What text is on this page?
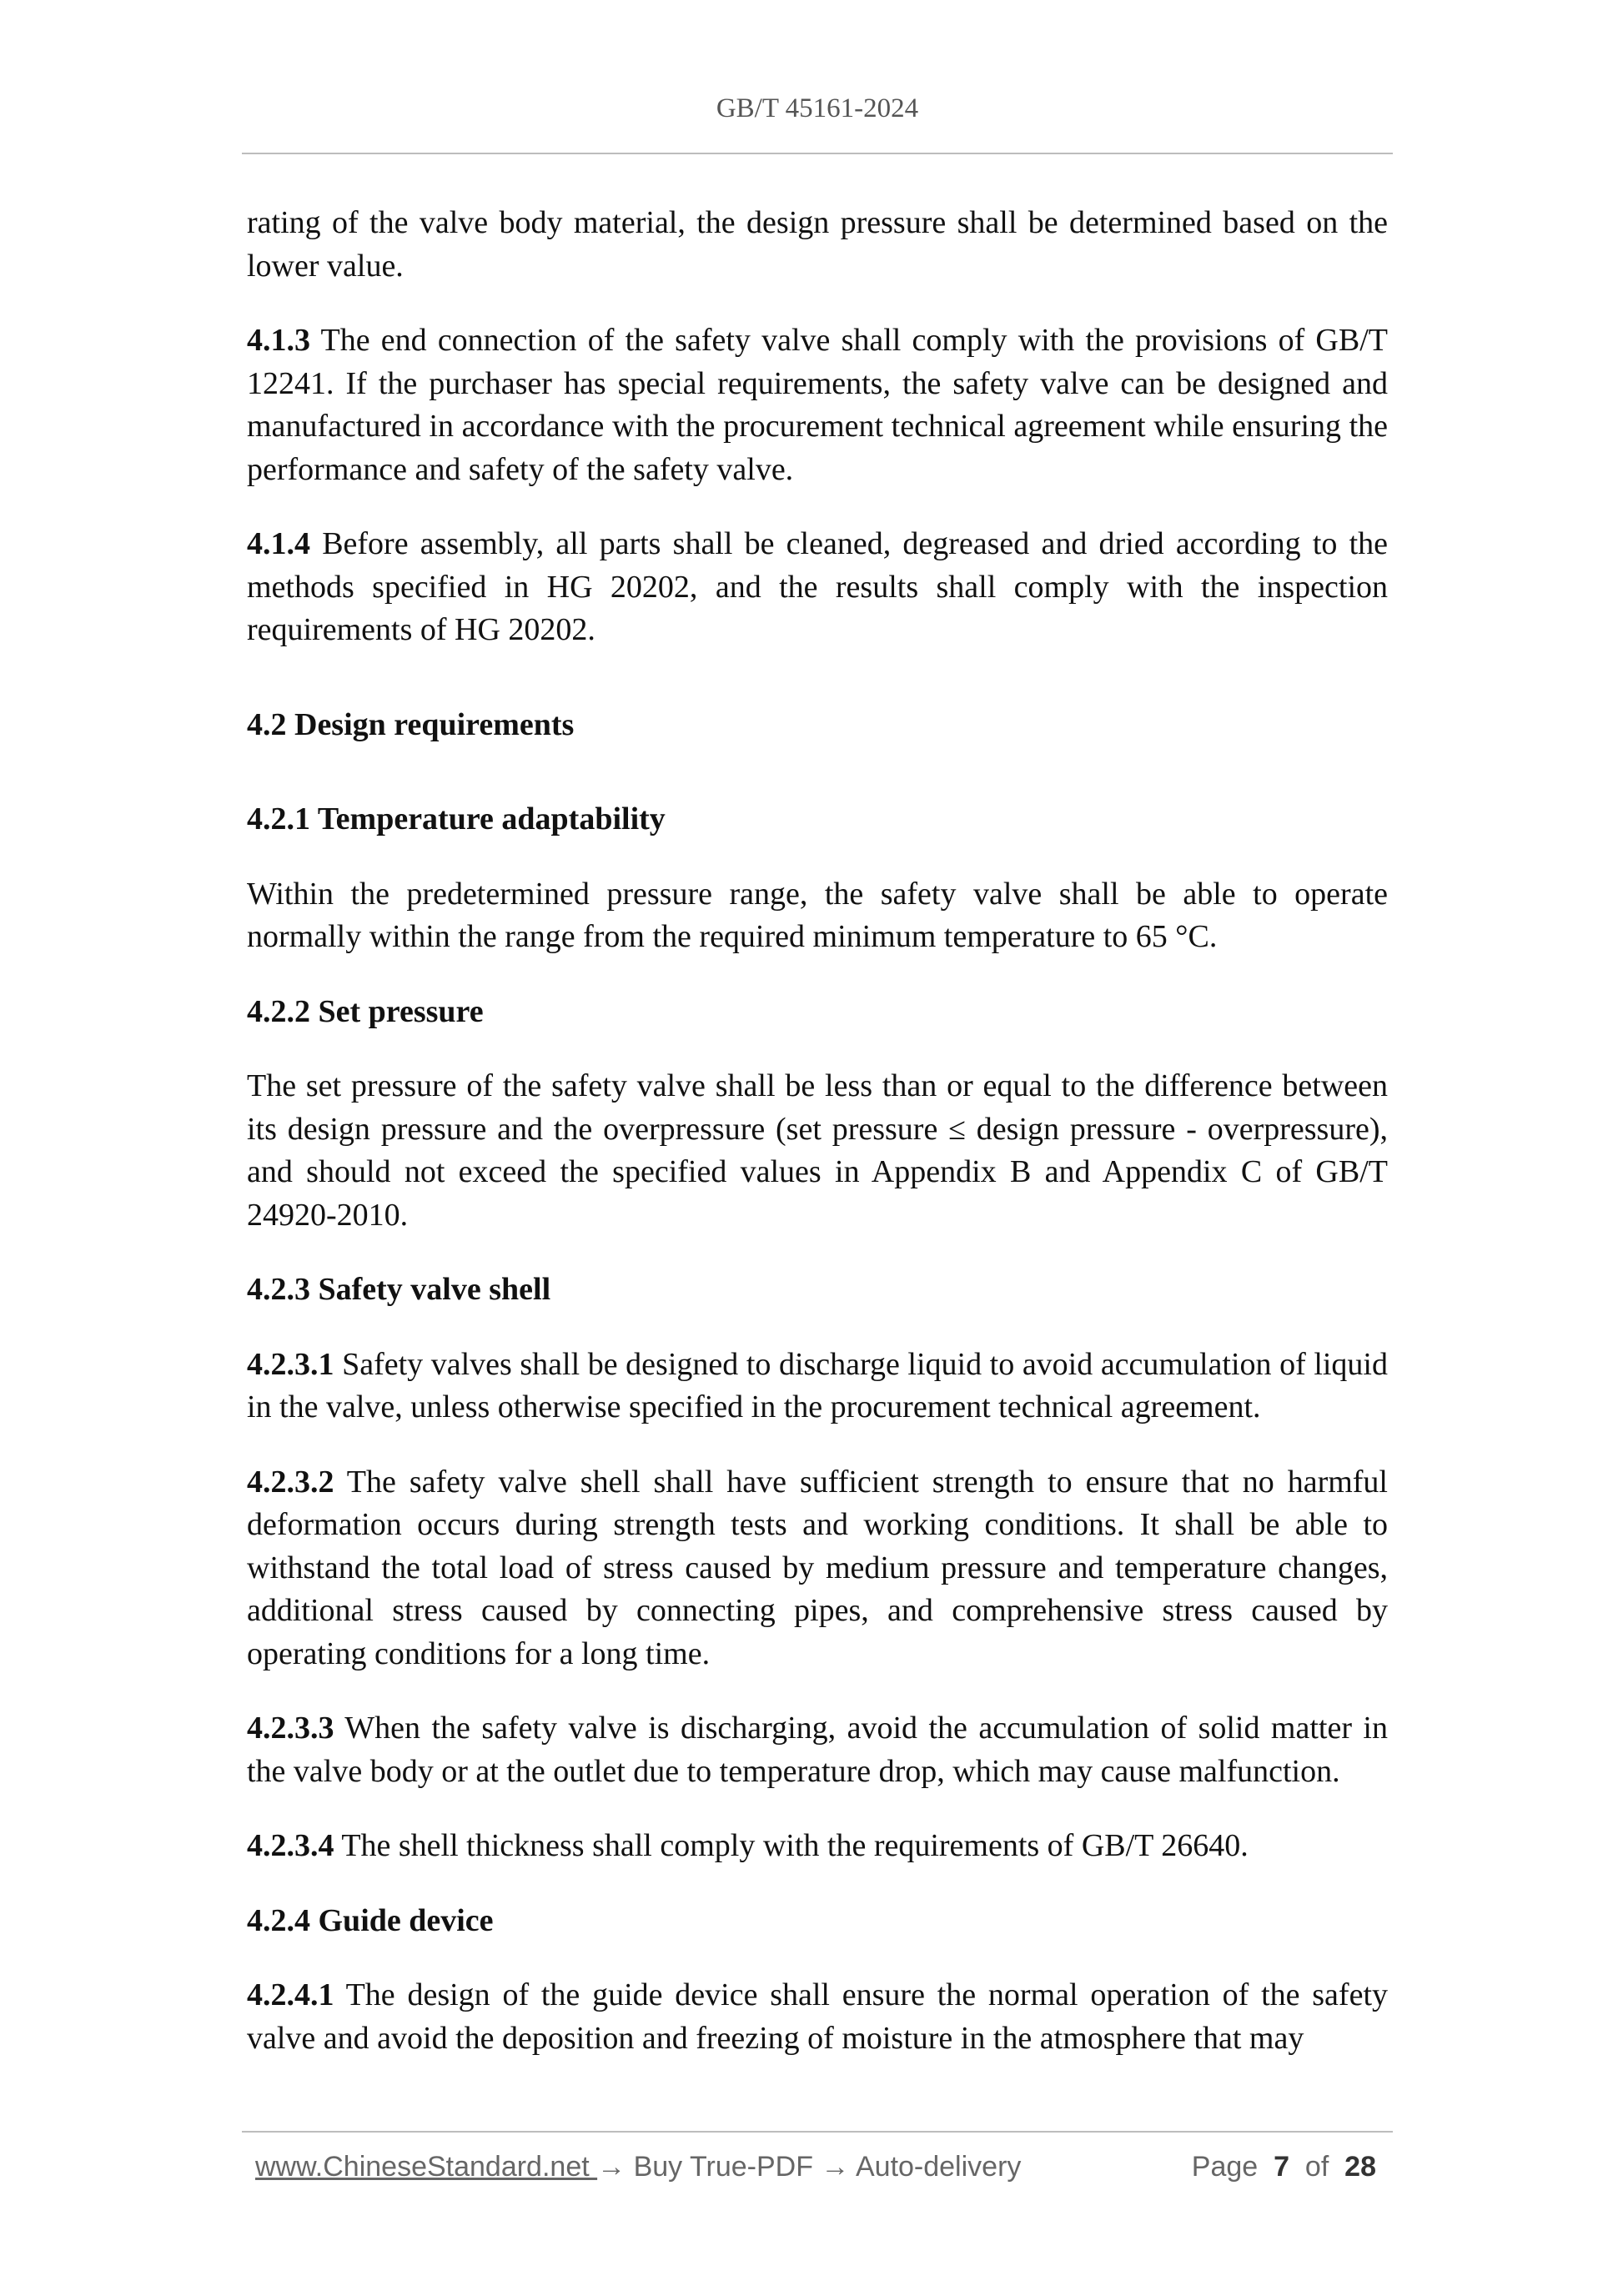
GB/T 45161-2024

rating of the valve body material, the design pressure shall be determined based on the lower value.

4.1.3 The end connection of the safety valve shall comply with the provisions of GB/T 12241. If the purchaser has special requirements, the safety valve can be designed and manufactured in accordance with the procurement technical agreement while ensuring the performance and safety of the safety valve.

4.1.4 Before assembly, all parts shall be cleaned, degreased and dried according to the methods specified in HG 20202, and the results shall comply with the inspection requirements of HG 20202.

4.2 Design requirements

4.2.1 Temperature adaptability

Within the predetermined pressure range, the safety valve shall be able to operate normally within the range from the required minimum temperature to 65 °C.

4.2.2 Set pressure

The set pressure of the safety valve shall be less than or equal to the difference between its design pressure and the overpressure (set pressure ≤ design pressure - overpressure), and should not exceed the specified values in Appendix B and Appendix C of GB/T 24920-2010.

4.2.3 Safety valve shell

4.2.3.1 Safety valves shall be designed to discharge liquid to avoid accumulation of liquid in the valve, unless otherwise specified in the procurement technical agreement.

4.2.3.2 The safety valve shell shall have sufficient strength to ensure that no harmful deformation occurs during strength tests and working conditions. It shall be able to withstand the total load of stress caused by medium pressure and temperature changes, additional stress caused by connecting pipes, and comprehensive stress caused by operating conditions for a long time.

4.2.3.3 When the safety valve is discharging, avoid the accumulation of solid matter in the valve body or at the outlet due to temperature drop, which may cause malfunction.

4.2.3.4 The shell thickness shall comply with the requirements of GB/T 26640.

4.2.4 Guide device

4.2.4.1 The design of the guide device shall ensure the normal operation of the safety valve and avoid the deposition and freezing of moisture in the atmosphere that may

www.ChineseStandard.net → Buy True-PDF → Auto-delivery	Page 7 of 28
